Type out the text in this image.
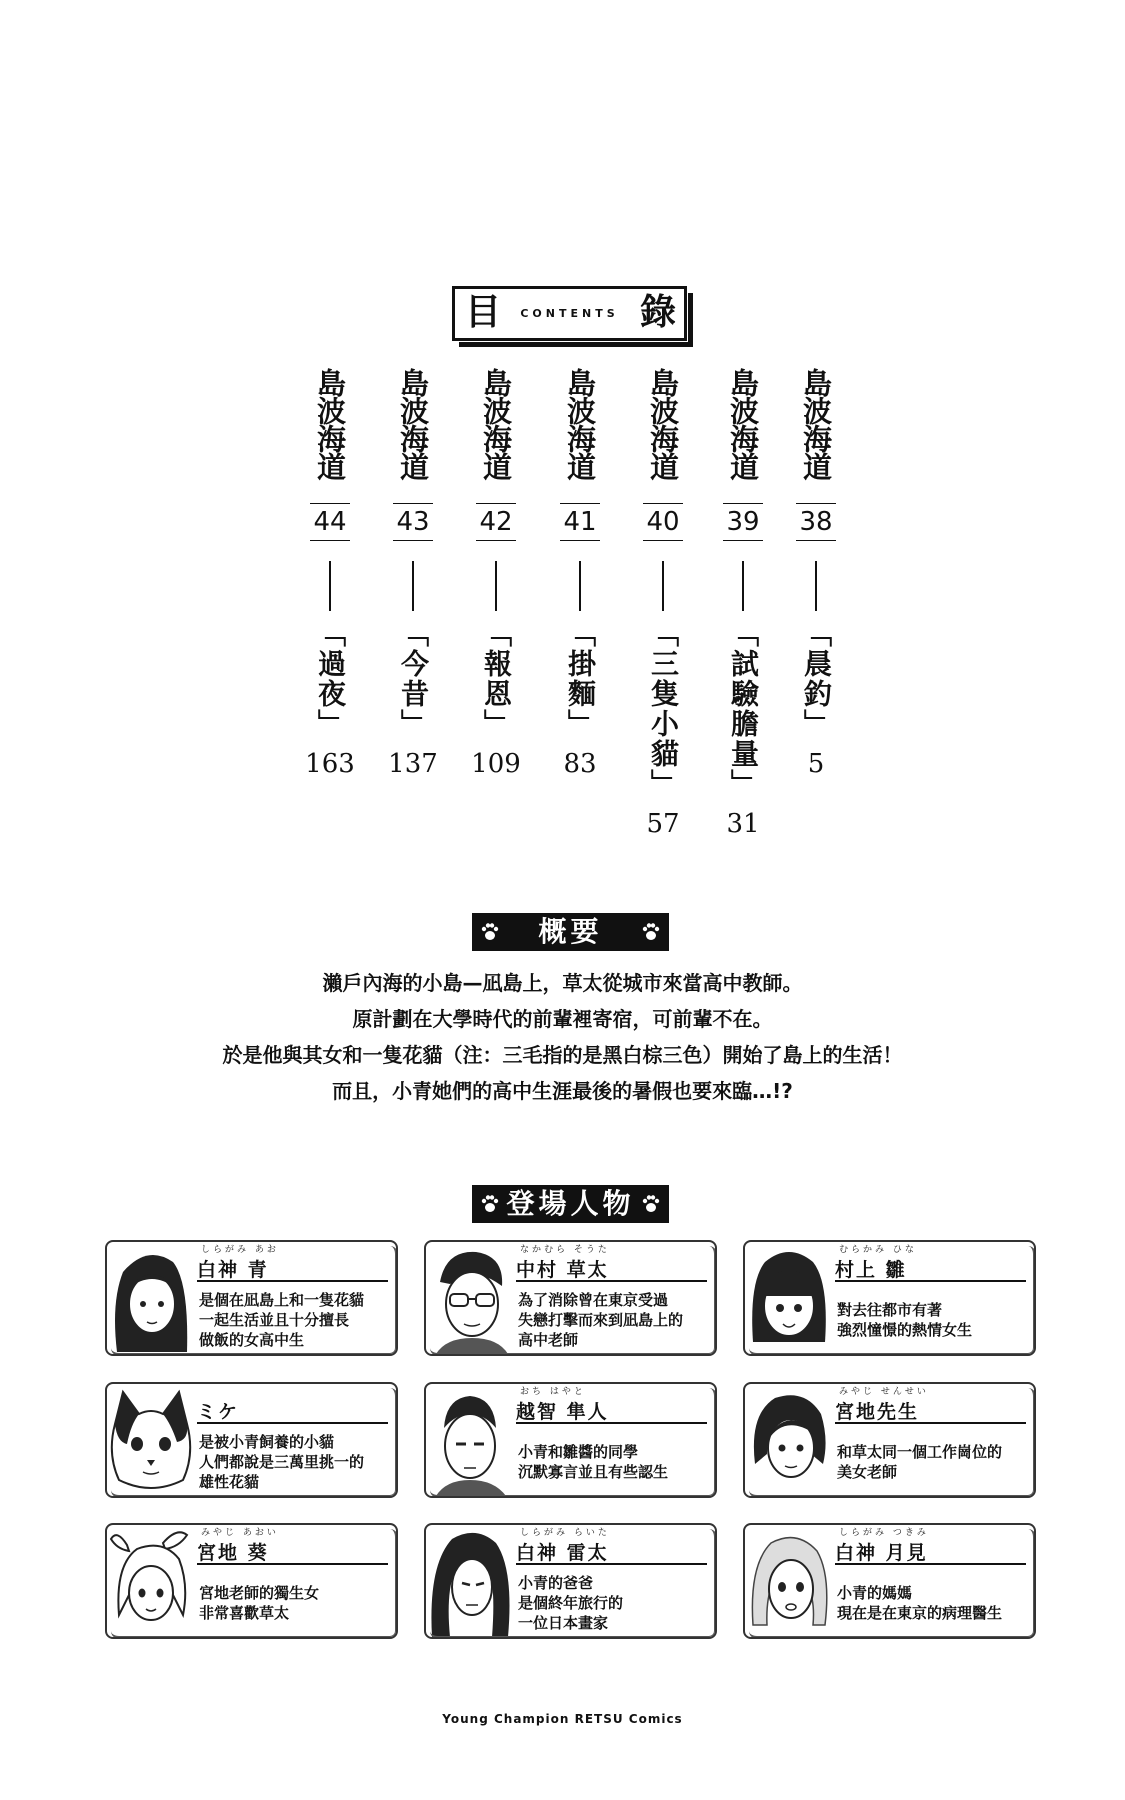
目	CONTENTS 錄
島波海道
44
「過夜」
163
島波海道
43
「今昔」
137
島波海道
42
「報恩」
109
島波海道
41
「掛麵」
83
島波海道
40
「三隻小貓」
57
島波海道
39
「試驗膽量」
31
島波海道
38
「晨釣」
5
概要
瀨戶內海的小島—凪島上，草太從城市來當高中教師。
原計劃在大學時代的前輩裡寄宿，可前輩不在。
於是他與其女和一隻花貓（注：三毛指的是黑白棕三色）開始了島上的生活！
而且，小青她們的高中生涯最後的暑假也要來臨…!?
登場人物
しらがみ あお
白神 青
是個在凪島上和一隻花貓
一起生活並且十分擅長
做飯的女高中生
なかむら そうた
中村 草太
為了消除曾在東京受過
失戀打擊而來到凪島上的
高中老師
むらかみ ひな
村上 雛
對去往都市有著
強烈憧憬的熱情女生
ミケ
是被小青飼養的小貓
人們都說是三萬里挑一的
雄性花貓
おち はやと
越智 隼人
小青和雛醬的同學
沉默寡言並且有些認生
みやじ せんせい
宮地先生
和草太同一個工作崗位的
美女老師
みやじ あおい
宮地 葵
宮地老師的獨生女
非常喜歡草太
しらがみ らいた
白神 雷太
小青的爸爸
是個終年旅行的
一位日本畫家
しらがみ つきみ
白神 月見
小青的媽媽
現在是在東京的病理醫生
Young Champion RETSU Comics
